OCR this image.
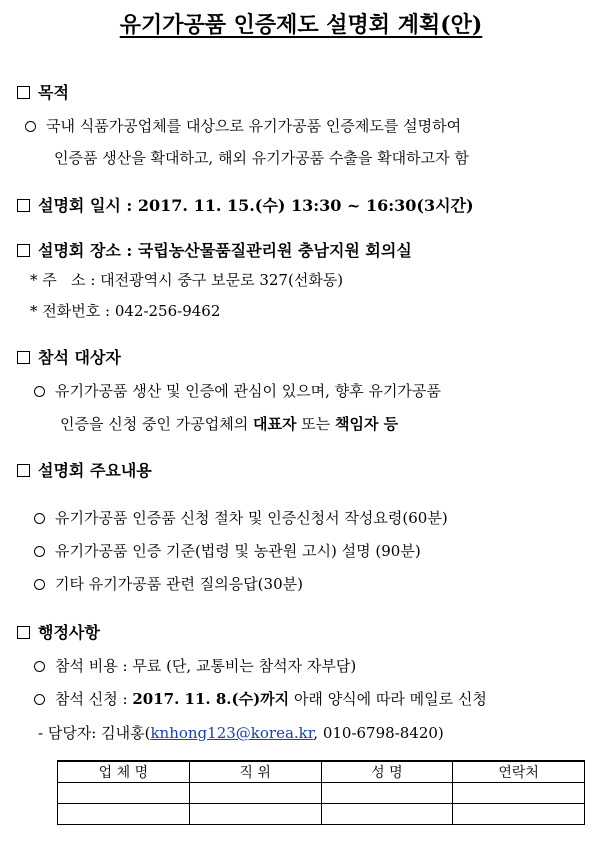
유기가공품 인증제도 설명회 계획(안)
목적
국내 식품가공업체를 대상으로 유기가공품 인증제도를 설명하여
인증품 생산을 확대하고, 해외 유기가공품 수출을 확대하고자 함
설명회 일시 : 2017. 11. 15.(수) 13:30 ~ 16:30(3시간)
설명회 장소 : 국립농산물품질관리원 충남지원 회의실
* 주   소 : 대전광역시 중구 보문로 327(선화동)
* 전화번호 : 042-256-9462
참석 대상자
유기가공품 생산 및 인증에 관심이 있으며, 향후 유기가공품
인증을 신청 중인 가공업체의 대표자 또는 책임자 등
설명회 주요내용
유기가공품 인증품 신청 절차 및 인증신청서 작성요령(60분)
유기가공품 인증 기준(법령 및 농관원 고시) 설명 (90분)
기타 유기가공품 관련 질의응답(30분)
행정사항
참석 비용 : 무료 (단, 교통비는 참석자 자부담)
참석 신청 : 2017. 11. 8.(수)까지 아래 양식에 따라 메일로 신청
- 담당자: 김내홍(knhong123@korea.kr, 010-6798-8420)
업 체 명	직 위	성 명	연락처
